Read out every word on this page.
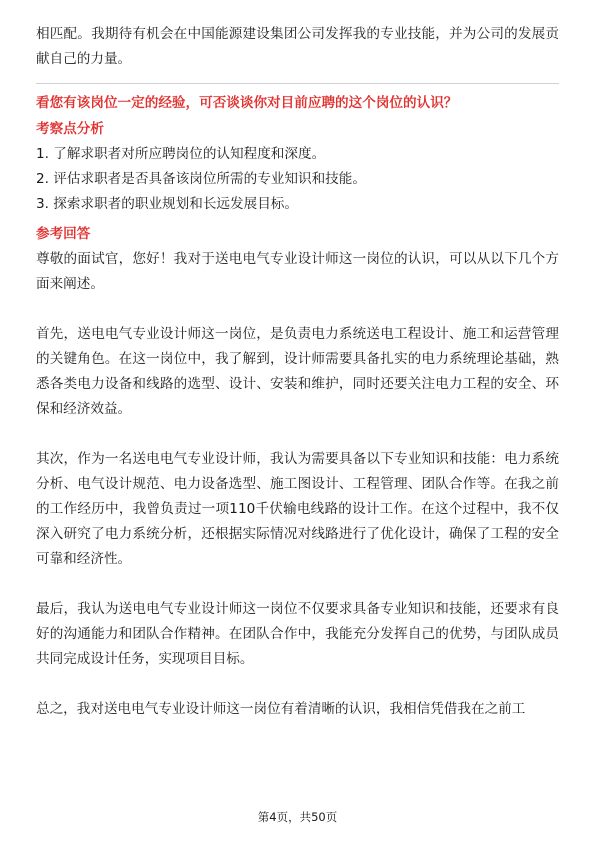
相匹配。我期待有机会在中国能源建设集团公司发挥我的专业技能，并为公司的发展贡献自己的力量。

看您有该岗位一定的经验，可否谈谈你对目前应聘的这个岗位的认识？

考察点分析

1. 了解求职者对所应聘岗位的认知程度和深度。
2. 评估求职者是否具备该岗位所需的专业知识和技能。
3. 探索求职者的职业规划和长远发展目标。

参考回答

尊敬的面试官，您好！我对于送电电气专业设计师这一岗位的认识，可以从以下几个方面来阐述。

首先，送电电气专业设计师这一岗位，是负责电力系统送电工程设计、施工和运营管理的关键角色。在这一岗位中，我了解到，设计师需要具备扎实的电力系统理论基础，熟悉各类电力设备和线路的选型、设计、安装和维护，同时还要关注电力工程的安全、环保和经济效益。

其次，作为一名送电电气专业设计师，我认为需要具备以下专业知识和技能：电力系统分析、电气设计规范、电力设备选型、施工图设计、工程管理、团队合作等。在我之前的工作经历中，我曾负责过一项110千伏输电线路的设计工作。在这个过程中，我不仅深入研究了电力系统分析，还根据实际情况对线路进行了优化设计，确保了工程的安全可靠和经济性。

最后，我认为送电电气专业设计师这一岗位不仅要求具备专业知识和技能，还要求有良好的沟通能力和团队合作精神。在团队合作中，我能充分发挥自己的优势，与团队成员共同完成设计任务，实现项目目标。

总之，我对送电电气专业设计师这一岗位有着清晰的认识，我相信凭借我在之前工

第4页，共50页
